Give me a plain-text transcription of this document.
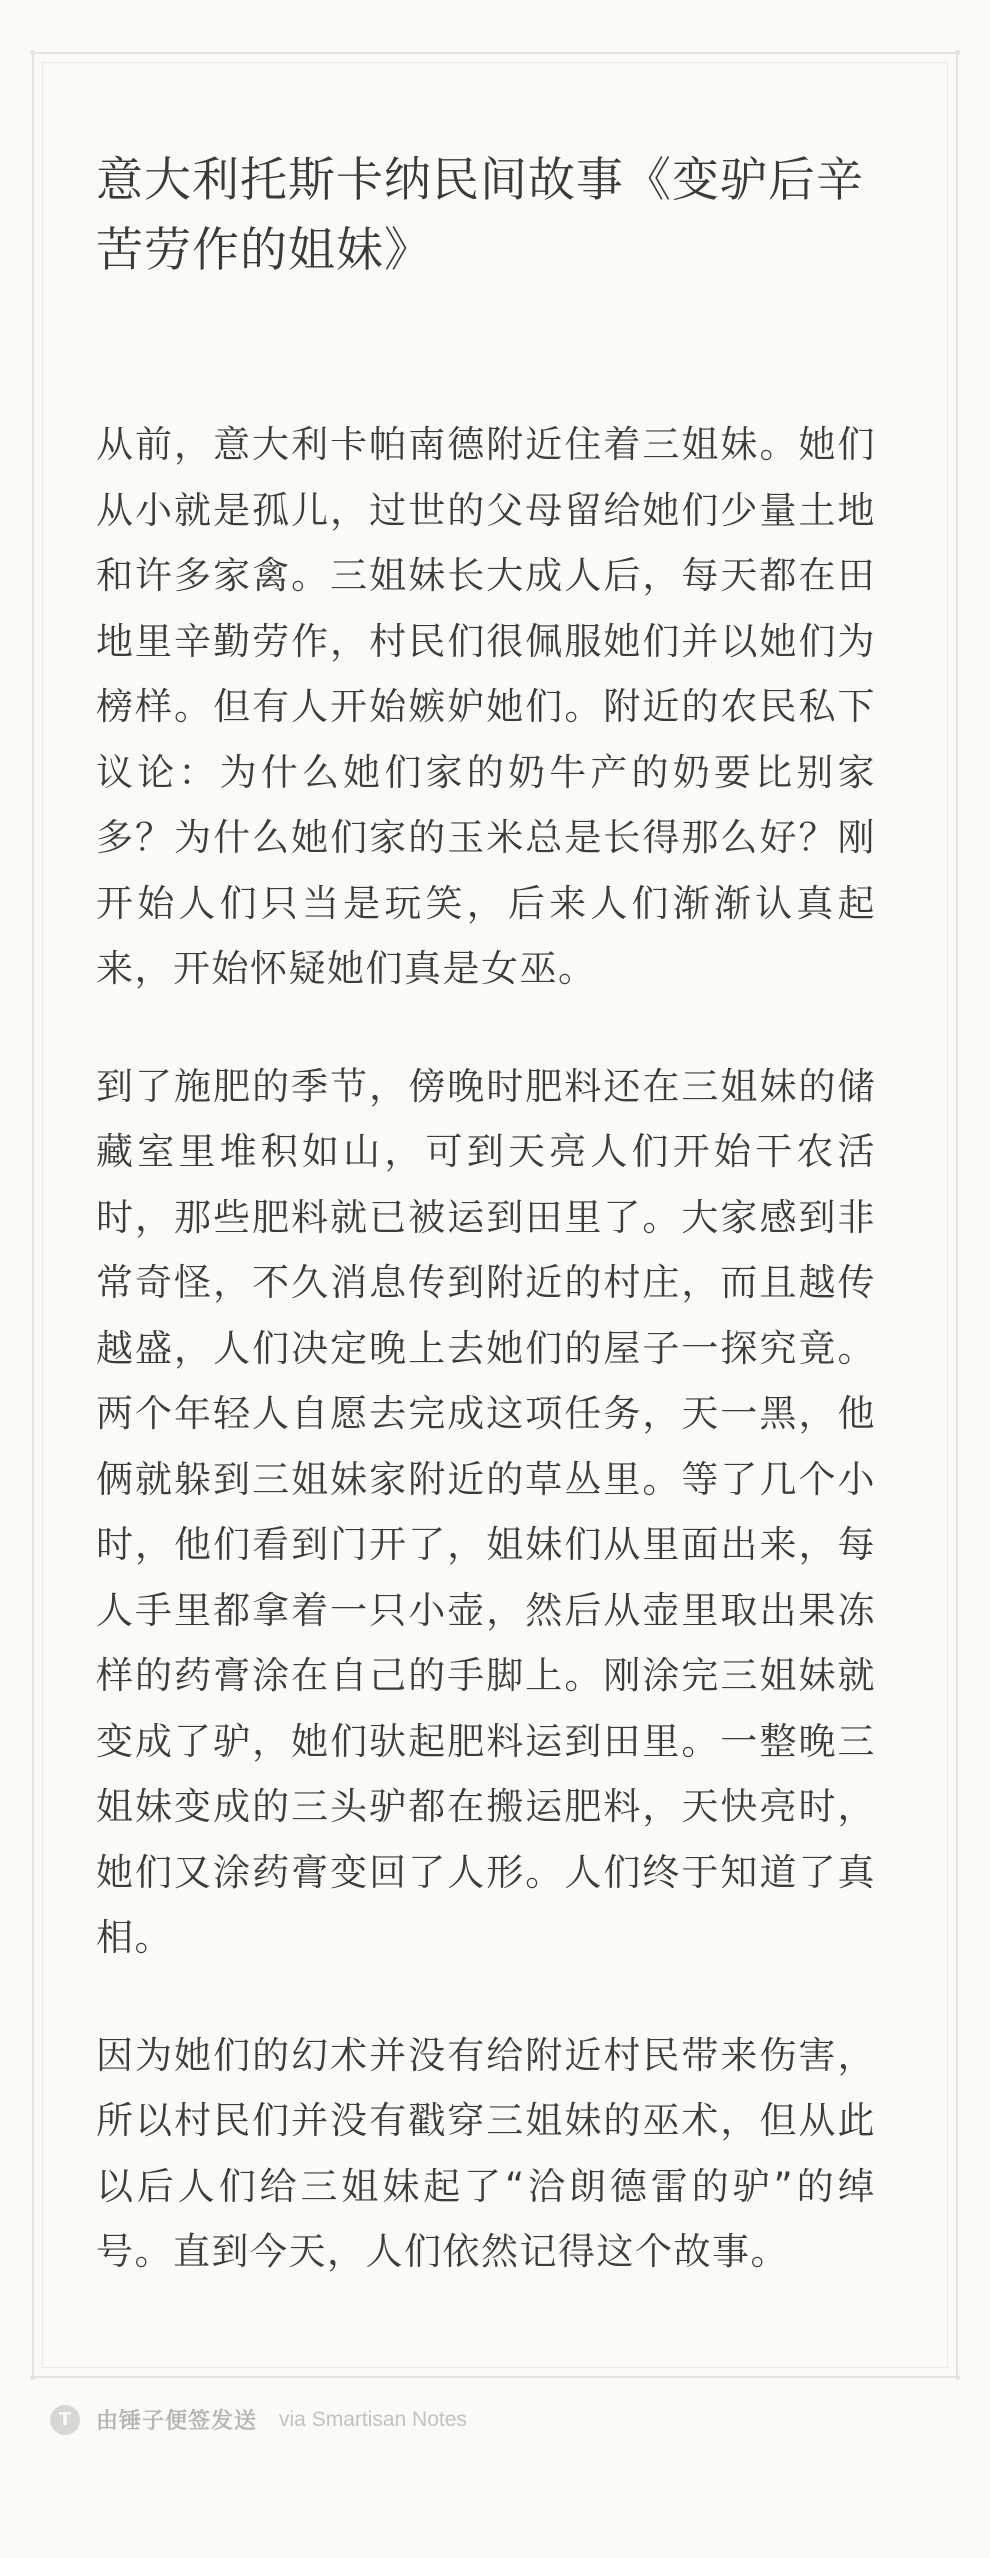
意大利托斯卡纳民间故事《变驴后辛苦劳作的姐妹》

从前，意大利卡帕南德附近住着三姐妹。她们从小就是孤儿，过世的父母留给她们少量土地和许多家禽。三姐妹长大成人后，每天都在田地里辛勤劳作，村民们很佩服她们并以她们为榜样。但有人开始嫉妒她们。附近的农民私下议论：为什么她们家的奶牛产的奶要比别家多？为什么她们家的玉米总是长得那么好？刚开始人们只当是玩笑，后来人们渐渐认真起来，开始怀疑她们真是女巫。

到了施肥的季节，傍晚时肥料还在三姐妹的储藏室里堆积如山，可到天亮人们开始干农活时，那些肥料就已被运到田里了。大家感到非常奇怪，不久消息传到附近的村庄，而且越传越盛，人们决定晚上去她们的屋子一探究竟。两个年轻人自愿去完成这项任务，天一黑，他俩就躲到三姐妹家附近的草丛里。等了几个小时，他们看到门开了，姐妹们从里面出来，每人手里都拿着一只小壶，然后从壶里取出果冻样的药膏涂在自己的手脚上。刚涂完三姐妹就变成了驴，她们驮起肥料运到田里。一整晚三姐妹变成的三头驴都在搬运肥料，天快亮时，她们又涂药膏变回了人形。人们终于知道了真相。

因为她们的幻术并没有给附近村民带来伤害，所以村民们并没有戳穿三姐妹的巫术，但从此以后人们给三姐妹起了“洽朗德雷的驴”的绰号。直到今天，人们依然记得这个故事。

T	由锤子便签发送 via Smartisan Notes
